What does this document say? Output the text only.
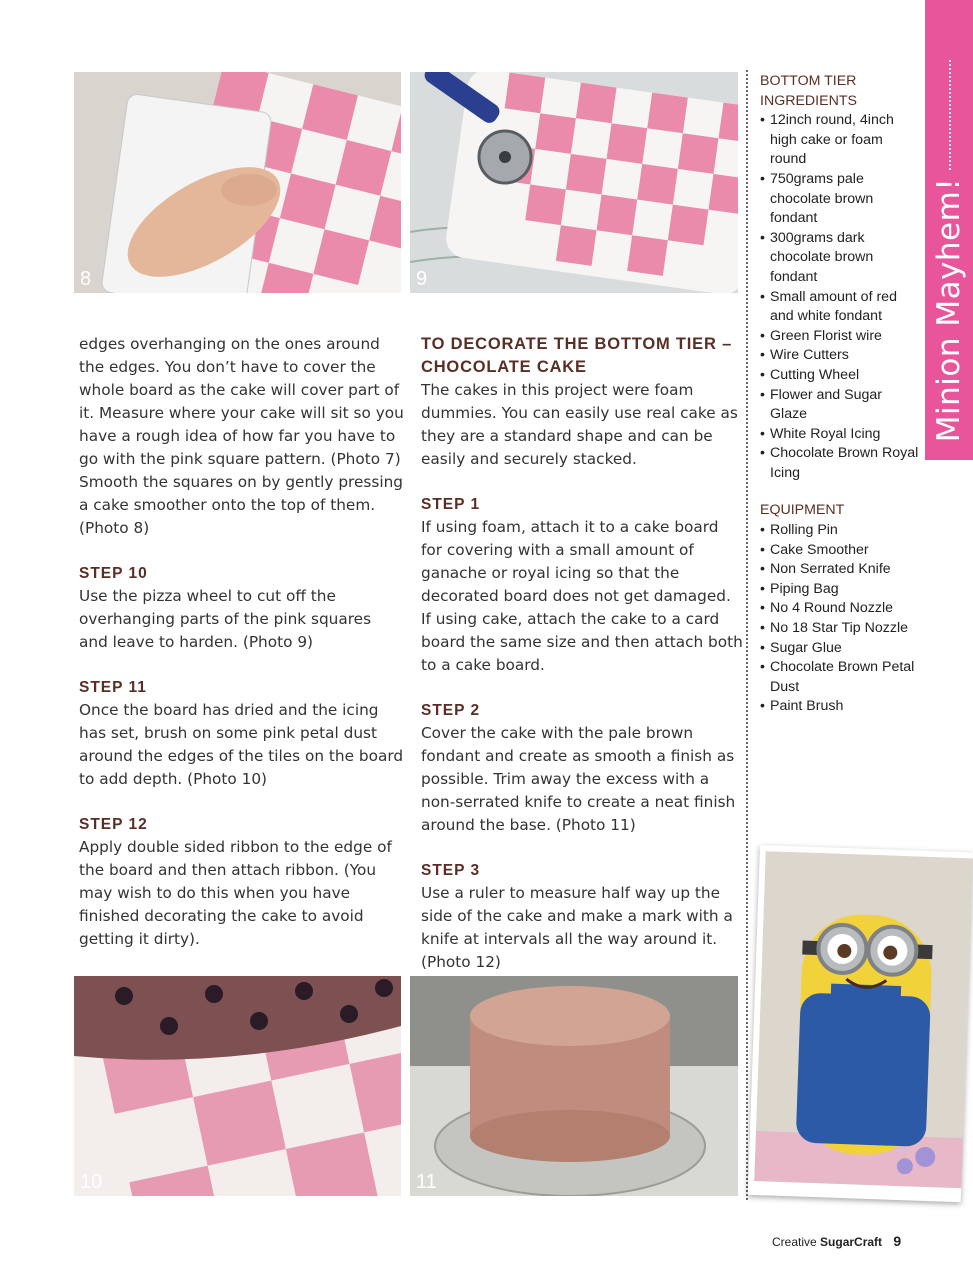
8	9

edges overhanging on the ones around the edges. You don’t have to cover the whole board as the cake will cover part of it. Measure where your cake will sit so you have a rough idea of how far you have to go with the pink square pattern. (Photo 7) Smooth the squares on by gently pressing a cake smoother onto the top of them. (Photo 8)

STEP 10

Use the pizza wheel to cut off the overhanging parts of the pink squares and leave to harden. (Photo 9)

STEP 11

Once the board has dried and the icing has set, brush on some pink petal dust around the edges of the tiles on the board to add depth. (Photo 10)

STEP 12

Apply double sided ribbon to the edge of the board and then attach ribbon. (You may wish to do this when you have finished decorating the cake to avoid getting it dirty).

TO DECORATE THE BOTTOM TIER – CHOCOLATE CAKE

The cakes in this project were foam dummies. You can easily use real cake as they are a standard shape and can be easily and securely stacked.

STEP 1

If using foam, attach it to a cake board for covering with a small amount of ganache or royal icing so that the decorated board does not get damaged. If using cake, attach the cake to a card board the same size and then attach both to a cake board.

STEP 2

Cover the cake with the pale brown fondant and create as smooth a finish as possible. Trim away the excess with a non-serrated knife to create a neat finish around the base. (Photo 11)

STEP 3

Use a ruler to measure half way up the side of the cake and make a mark with a knife at intervals all the way around it. (Photo 12)

10	11
BOTTOM TIER
INGREDIENTS
• 12inch round, 4inch high cake or foam round
• 750grams pale chocolate brown fondant
• 300grams dark chocolate brown fondant
• Small amount of red and white fondant
• Green Florist wire
• Wire Cutters
• Cutting Wheel
• Flower and Sugar Glaze
• White Royal Icing
• Chocolate Brown Royal Icing
EQUIPMENT
• Rolling Pin
• Cake Smoother
• Non Serrated Knife
• Piping Bag
• No 4 Round Nozzle
• No 18 Star Tip Nozzle
• Sugar Glue
• Chocolate Brown Petal Dust
• Paint Brush
Minion Mayhem!
Creative SugarCraft 9
